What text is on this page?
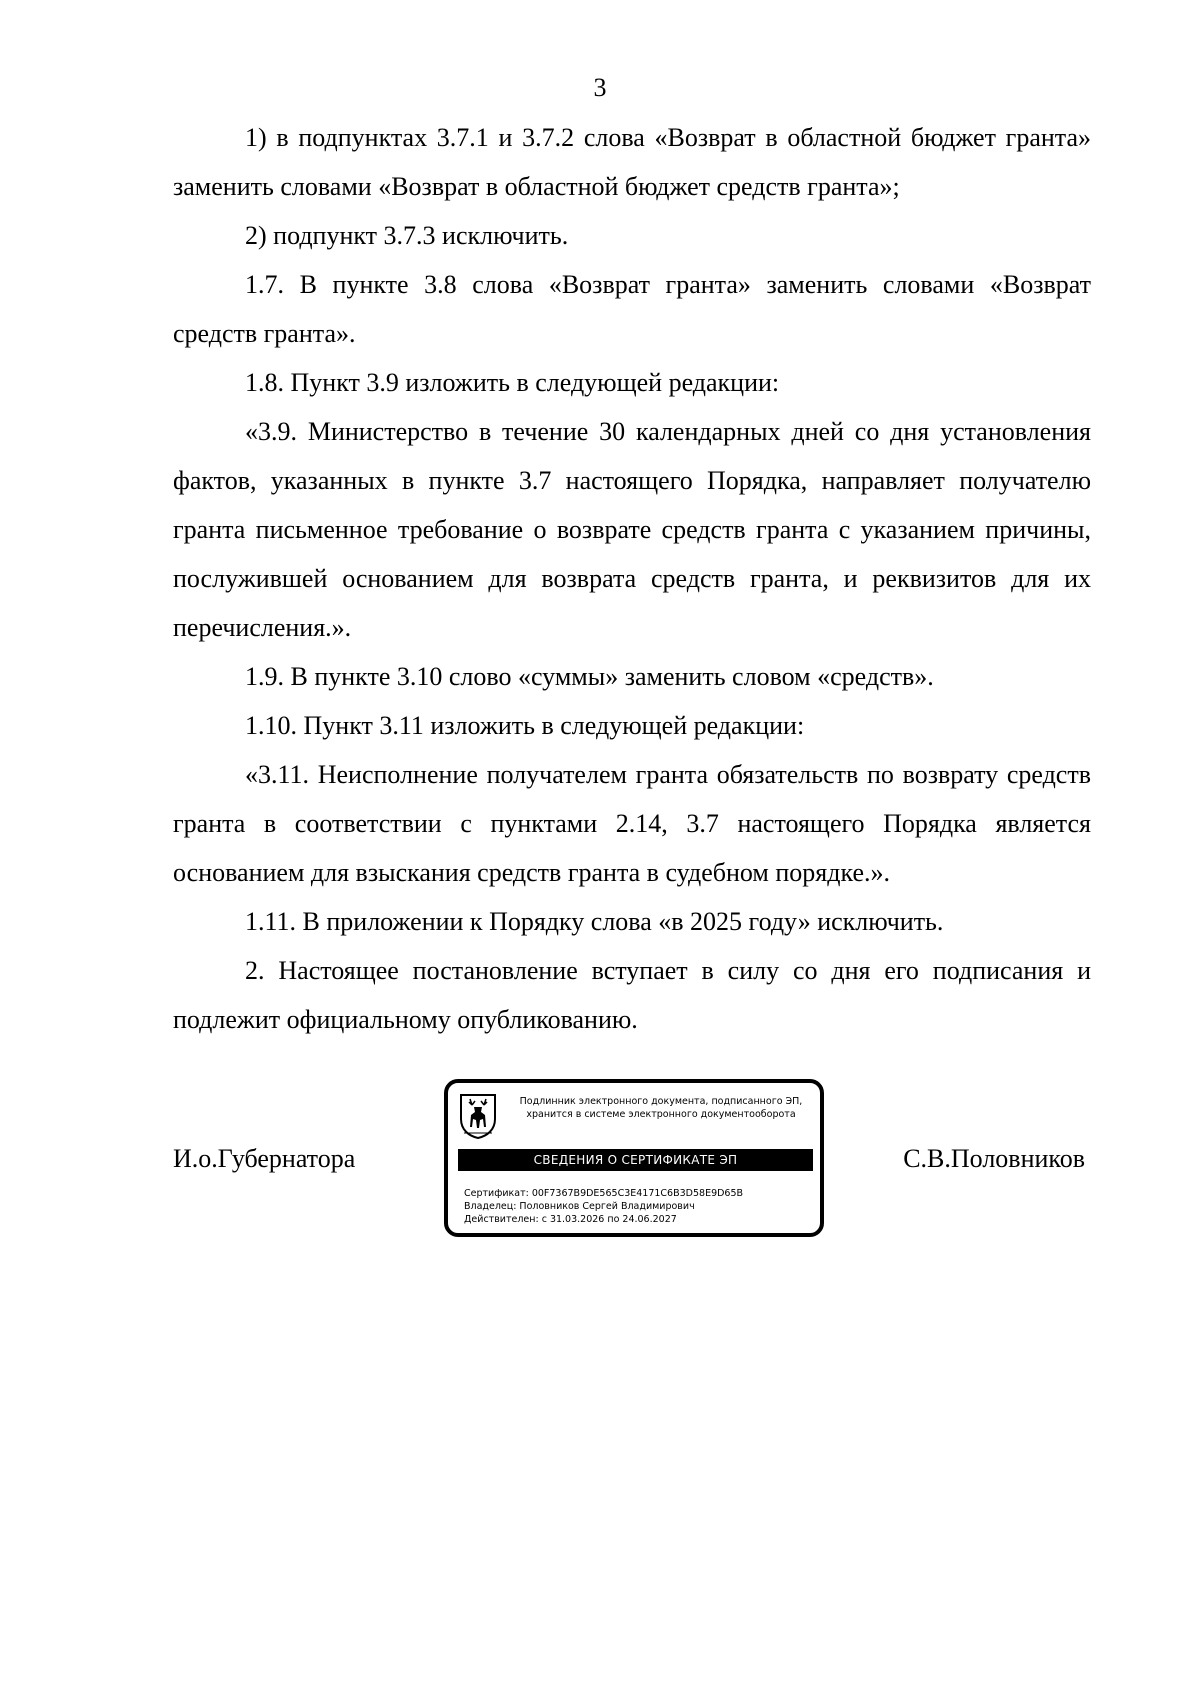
3

1) в подпунктах 3.7.1 и 3.7.2 слова «Возврат в областной бюджет гранта» заменить словами «Возврат в областной бюджет средств гранта»;

2) подпункт 3.7.3 исключить.

1.7. В пункте 3.8 слова «Возврат гранта» заменить словами «Возврат средств гранта».

1.8. Пункт 3.9 изложить в следующей редакции:

«3.9. Министерство в течение 30 календарных дней со дня установления фактов, указанных в пункте 3.7 настоящего Порядка, направляет получателю гранта письменное требование о возврате средств гранта с указанием причины, послужившей основанием для возврата средств гранта, и реквизитов для их перечисления.».

1.9. В пункте 3.10 слово «суммы» заменить словом «средств».

1.10. Пункт 3.11 изложить в следующей редакции:

«3.11. Неисполнение получателем гранта обязательств по возврату средств гранта в соответствии с пунктами 2.14, 3.7 настоящего Порядка является основанием для взыскания средств гранта в судебном порядке.».

1.11. В приложении к Порядку слова «в 2025 году» исключить.

2. Настоящее постановление вступает в силу со дня его подписания и подлежит официальному опубликованию.

И.о.Губернатора
Подлинник электронного документа, подписанного ЭП,
хранится в системе электронного документооборота
СВЕДЕНИЯ О СЕРТИФИКАТЕ ЭП
Сертификат: 00F7367B9DE565C3E4171C6B3D58E9D65B
Владелец: Половников Сергей Владимирович
Действителен: с 31.03.2026 по 24.06.2027
С.В.Половников
